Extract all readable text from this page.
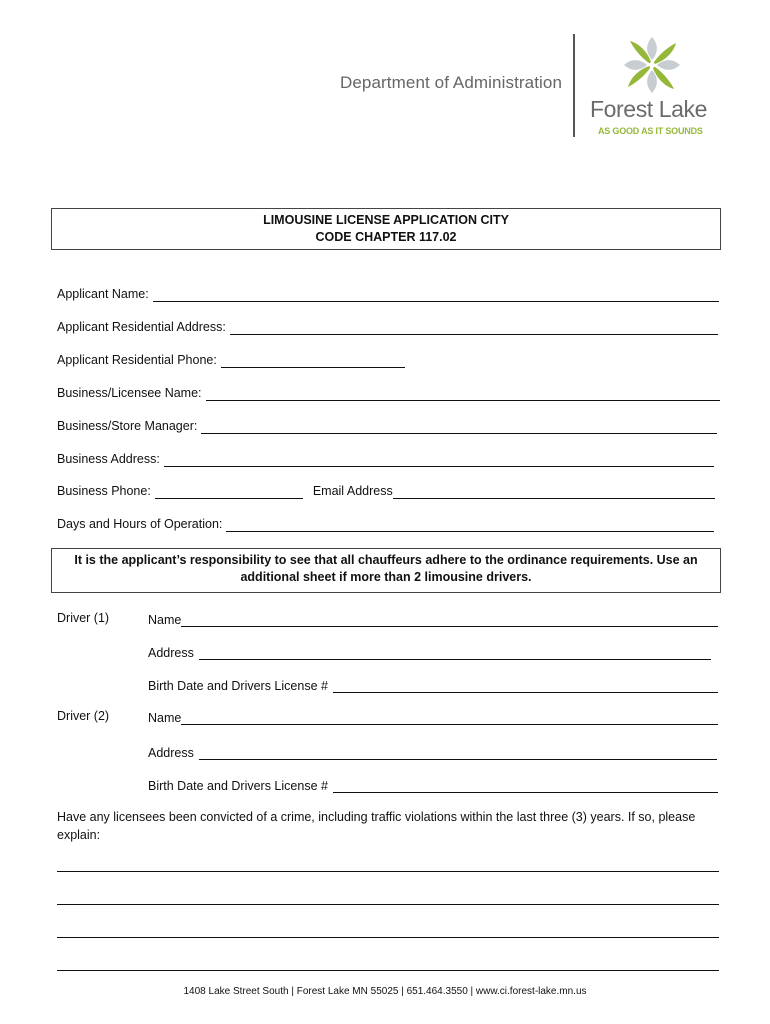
Department of Administration
Forest Lake
AS GOOD AS IT SOUNDS
LIMOUSINE LICENSE APPLICATION CITY
CODE CHAPTER 117.02
Applicant Name:
Applicant Residential Address:
Applicant Residential Phone:
Business/Licensee Name:
Business/Store Manager:
Business Address:
Business Phone:	Email Address
Days and Hours of Operation:
It is the applicant’s responsibility to see that all chauffeurs adhere to the ordinance requirements. Use an
additional sheet if more than 2 limousine drivers.
Driver (1)	Name
Address
Birth Date and Drivers License #
Driver (2)	Name
Address
Birth Date and Drivers License #
Have any licensees been convicted of a crime, including traffic violations within the last three (3) years. If so, please explain:
1408 Lake Street South | Forest Lake MN 55025 | 651.464.3550 | www.ci.forest-lake.mn.us
